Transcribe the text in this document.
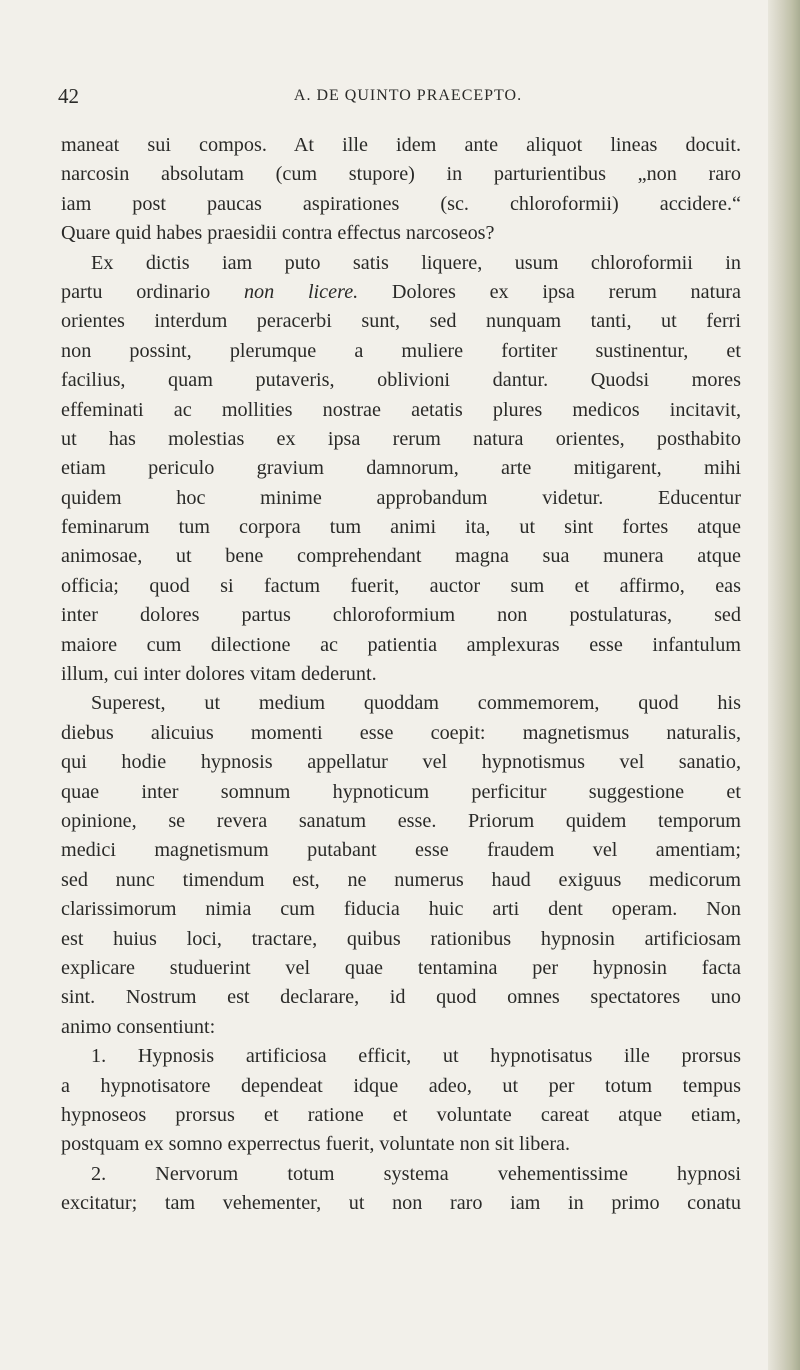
42	A. DE QUINTO PRAECEPTO.
maneat sui compos. At ille idem ante aliquot lineas docuit.
narcosin absolutam (cum stupore) in parturientibus „non raro
iam post paucas aspirationes (sc. chloroformii) accidere.“
Quare quid habes praesidii contra effectus narcoseos?
Ex dictis iam puto satis liquere, usum chloroformii in
partu ordinario non licere. Dolores ex ipsa rerum natura
orientes interdum peracerbi sunt, sed nunquam tanti, ut ferri
non possint, plerumque a muliere fortiter sustinentur, et
facilius, quam putaveris, oblivioni dantur. Quodsi mores
effeminati ac mollities nostrae aetatis plures medicos incitavit,
ut has molestias ex ipsa rerum natura orientes, posthabito
etiam periculo gravium damnorum, arte mitigarent, mihi
quidem hoc minime approbandum videtur. Educentur
feminarum tum corpora tum animi ita, ut sint fortes atque
animosae, ut bene comprehendant magna sua munera atque
officia; quod si factum fuerit, auctor sum et affirmo, eas
inter dolores partus chloroformium non postulaturas, sed
maiore cum dilectione ac patientia amplexuras esse infantulum
illum, cui inter dolores vitam dederunt.
Superest, ut medium quoddam commemorem, quod his
diebus alicuius momenti esse coepit: magnetismus naturalis,
qui hodie hypnosis appellatur vel hypnotismus vel sanatio,
quae inter somnum hypnoticum perficitur suggestione et
opinione, se revera sanatum esse. Priorum quidem temporum
medici magnetismum putabant esse fraudem vel amentiam;
sed nunc timendum est, ne numerus haud exiguus medicorum
clarissimorum nimia cum fiducia huic arti dent operam. Non
est huius loci, tractare, quibus rationibus hypnosin artificiosam
explicare studuerint vel quae tentamina per hypnosin facta
sint. Nostrum est declarare, id quod omnes spectatores uno
animo consentiunt:
1. Hypnosis artificiosa efficit, ut hypnotisatus ille prorsus
a hypnotisatore dependeat idque adeo, ut per totum tempus
hypnoseos prorsus et ratione et voluntate careat atque etiam,
postquam ex somno experrectus fuerit, voluntate non sit libera.
2. Nervorum totum systema vehementissime hypnosi
excitatur; tam vehementer, ut non raro iam in primo conatu
